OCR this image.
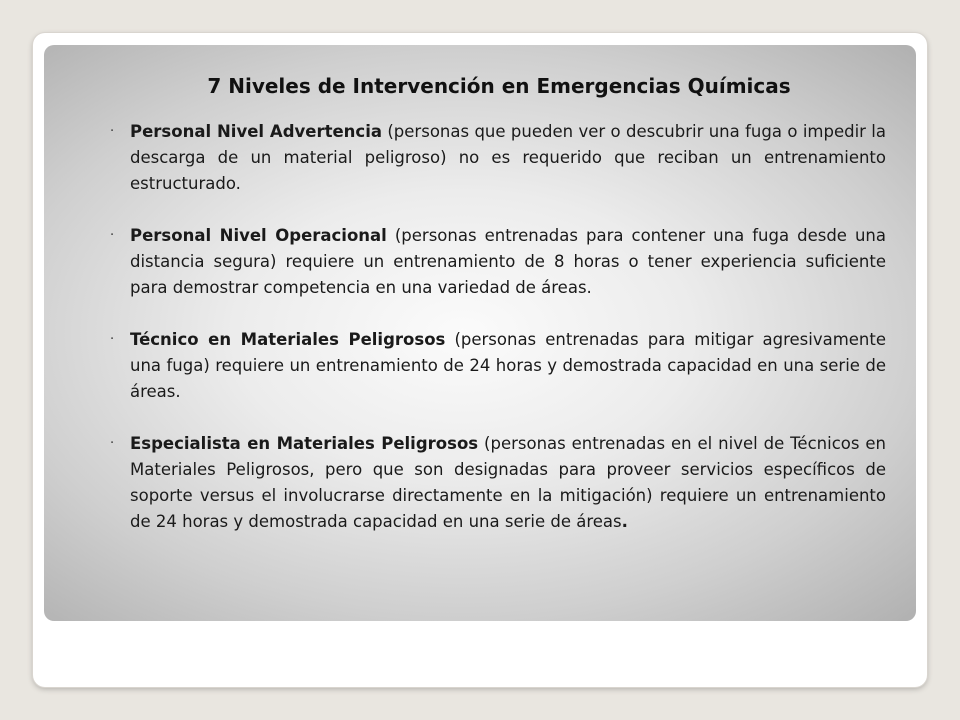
7 Niveles de Intervención en Emergencias Químicas
· Personal Nivel Advertencia (personas que pueden ver o descubrir una fuga o impedir la descarga de un material peligroso) no es requerido que reciban un entrenamiento estructurado.
· Personal Nivel Operacional (personas entrenadas para contener una fuga desde una distancia segura) requiere un entrenamiento de 8 horas o tener experiencia suficiente para demostrar competencia en una variedad de áreas.
· Técnico en Materiales Peligrosos (personas entrenadas para mitigar agresivamente una fuga) requiere un entrenamiento de 24 horas y demostrada capacidad en una serie de áreas.
· Especialista en Materiales Peligrosos (personas entrenadas en el nivel de Técnicos en Materiales Peligrosos, pero que son designadas para proveer servicios específicos de soporte versus el involucrarse directamente en la mitigación) requiere un entrenamiento de 24 horas y demostrada capacidad en una serie de áreas.
